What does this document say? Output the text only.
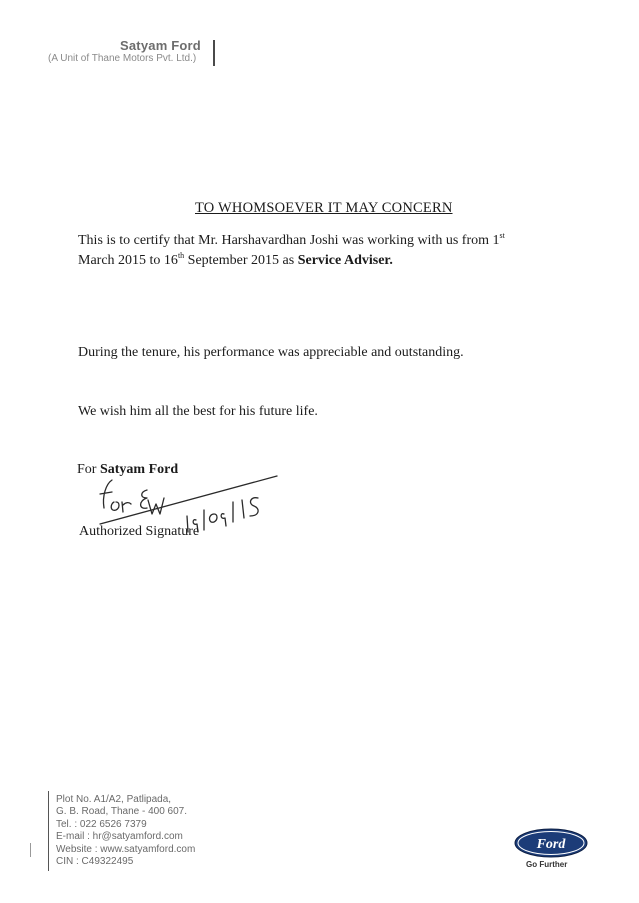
Satyam Ford
(A Unit of Thane Motors Pvt. Ltd.)
TO WHOMSOEVER IT MAY CONCERN
This is to certify that Mr. Harshavardhan Joshi was working with us from 1st
March 2015 to 16th September 2015 as Service Adviser.
During the tenure, his performance was appreciable and outstanding.
We wish him all the best for his future life.
For Satyam Ford
Authorized Signature
Plot No. A1/A2, Patlipada,
G. B. Road, Thane - 400 607.
Tel. : 022 6526 7379
E-mail : hr@satyamford.com
Website : www.satyamford.com
CIN : C49322495
Ford
Go Further
